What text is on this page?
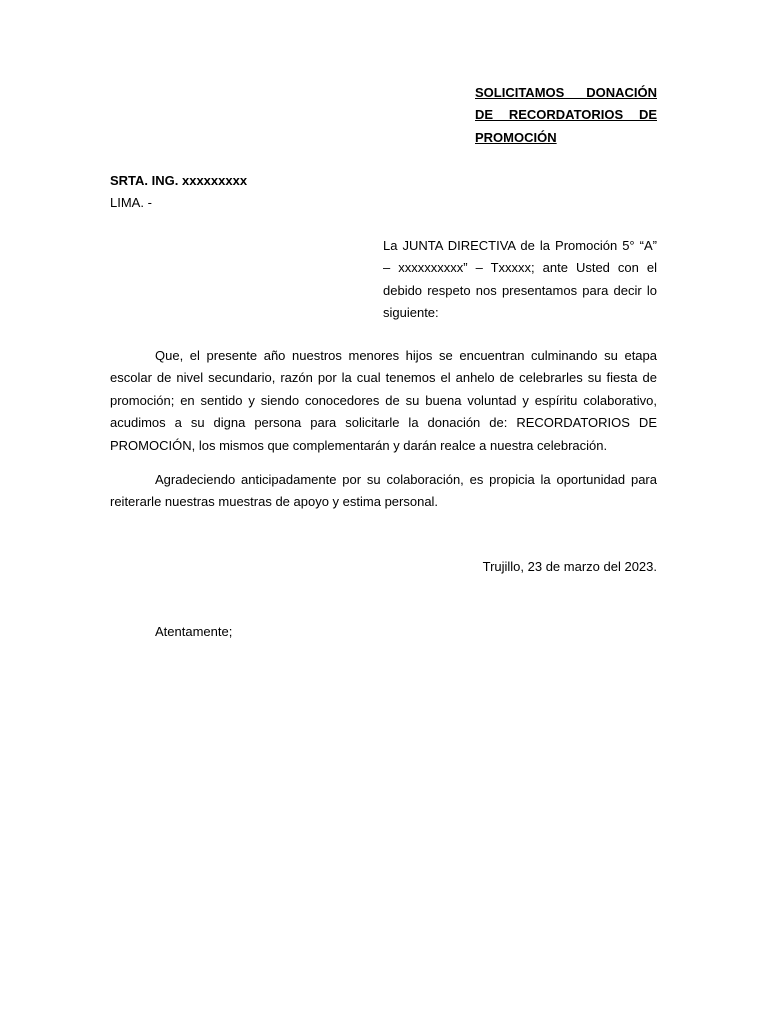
SOLICITAMOS DONACIÓN DE RECORDATORIOS DE PROMOCIÓN
SRTA. ING. xxxxxxxxx
LIMA. -
La JUNTA DIRECTIVA de la Promoción 5° “A” – xxxxxxxxxx” – Txxxxx; ante Usted con el debido respeto nos presentamos para decir lo siguiente:
Que, el presente año nuestros menores hijos se encuentran culminando su etapa escolar de nivel secundario, razón por la cual tenemos el anhelo de celebrarles su fiesta de promoción; en sentido y siendo conocedores de su buena voluntad y espíritu colaborativo, acudimos a su digna persona para solicitarle la donación de: RECORDATORIOS DE PROMOCIÓN, los mismos que complementarán y darán realce a nuestra celebración.
Agradeciendo anticipadamente por su colaboración, es propicia la oportunidad para reiterarle nuestras muestras de apoyo y estima personal.
Trujillo, 23 de marzo del 2023.
Atentamente;
